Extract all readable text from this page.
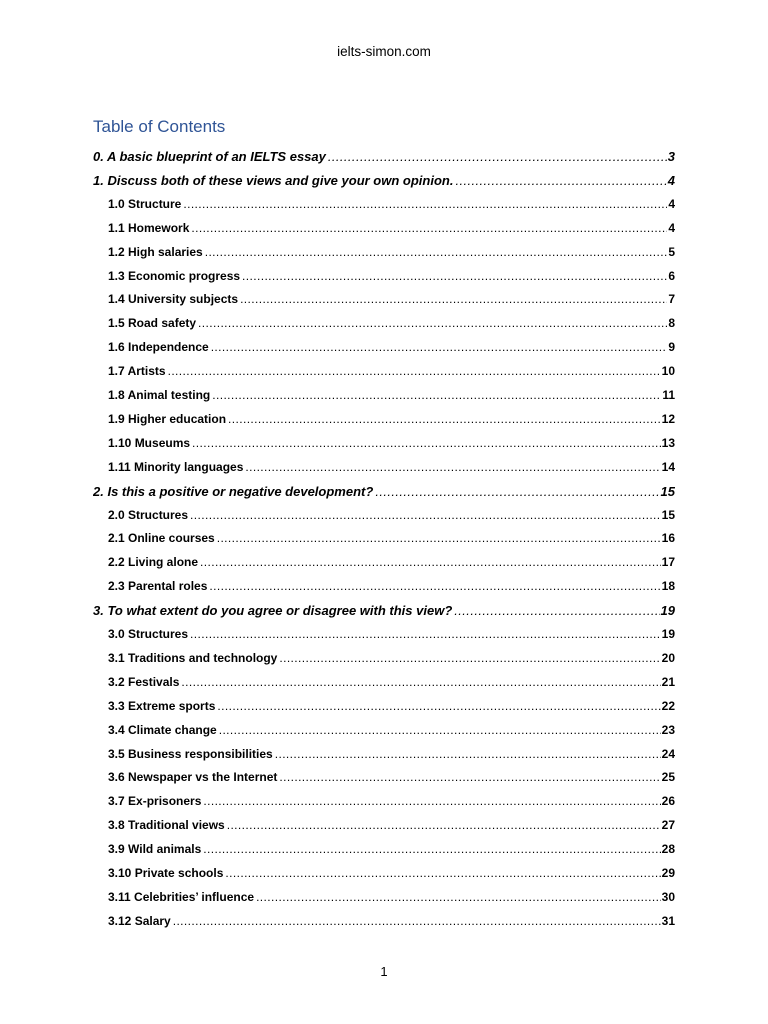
ielts-simon.com
Table of Contents
0. A basic blueprint of an IELTS essay .....	3
1. Discuss both of these views and give your own opinion. .....	4
1.0 Structure .....	4
1.1 Homework .....	4
1.2 High salaries .....	5
1.3 Economic progress .....	6
1.4 University subjects .....	7
1.5 Road safety .....	8
1.6 Independence .....	9
1.7 Artists .....	10
1.8 Animal testing .....	11
1.9 Higher education .....	12
1.10 Museums .....	13
1.11 Minority languages .....	14
2. Is this a positive or negative development? .....	15
2.0 Structures .....	15
2.1 Online courses .....	16
2.2 Living alone .....	17
2.3 Parental roles .....	18
3. To what extent do you agree or disagree with this view? .....	19
3.0 Structures .....	19
3.1 Traditions and technology .....	20
3.2 Festivals .....	21
3.3 Extreme sports .....	22
3.4 Climate change .....	23
3.5 Business responsibilities .....	24
3.6 Newspaper vs the Internet .....	25
3.7 Ex-prisoners .....	26
3.8 Traditional views .....	27
3.9 Wild animals .....	28
3.10 Private schools .....	29
3.11 Celebrities’ influence .....	30
3.12 Salary .....	31
1
